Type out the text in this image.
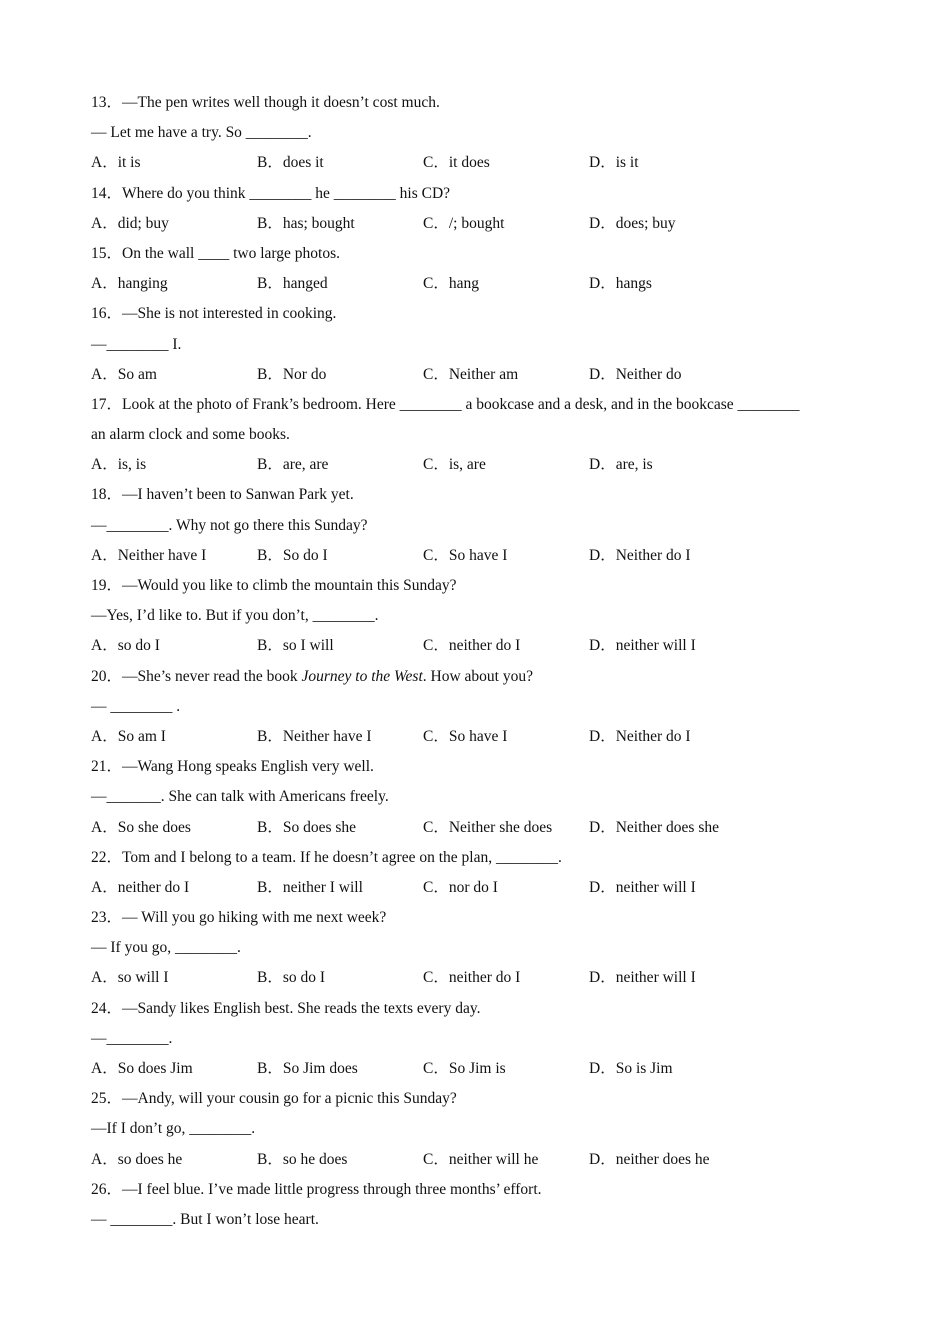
13．—The pen writes well though it doesn’t cost much.
— Let me have a try. So ________.
A．it is	B．does it	C．it does	D．is it
14．Where do you think ________ he ________ his CD?
A．did; buy	B．has; bought	C．/; bought	D．does; buy
15．On the wall ____ two large photos.
A．hanging	B．hanged	C．hang	D．hangs
16．—She is not interested in cooking.
—________ I.
A．So am	B．Nor do	C．Neither am	D．Neither do
17．Look at the photo of Frank’s bedroom. Here ________ a bookcase and a desk, and in the bookcase ________
an alarm clock and some books.
A．is, is	B．are, are	C．is, are	D．are, is
18．—I haven’t been to Sanwan Park yet.
—________. Why not go there this Sunday?
A．Neither have I	B．So do I	C．So have I	D．Neither do I
19．—Would you like to climb the mountain this Sunday?
—Yes, I’d like to. But if you don’t, ________.
A．so do I	B．so I will	C．neither do I	D．neither will I
20．—She’s never read the book Journey to the West. How about you?
— ________ .
A．So am I	B．Neither have I	C．So have I	D．Neither do I
21．—Wang Hong speaks English very well.
—_______. She can talk with Americans freely.
A．So she does	B．So does she	C．Neither she does	D．Neither does she
22．Tom and I belong to a team. If he doesn’t agree on the plan, ________.
A．neither do I	B．neither I will	C．nor do I	D．neither will I
23．— Will you go hiking with me next week?
— If you go, ________.
A．so will I	B．so do I	C．neither do I	D．neither will I
24．—Sandy likes English best. She reads the texts every day.
—________.
A．So does Jim	B．So Jim does	C．So Jim is	D．So is Jim
25．—Andy, will your cousin go for a picnic this Sunday?
—If I don’t go, ________.
A．so does he	B．so he does	C．neither will he	D．neither does he
26．—I feel blue. I’ve made little progress through three months’ effort.
— ________. But I won’t lose heart.
